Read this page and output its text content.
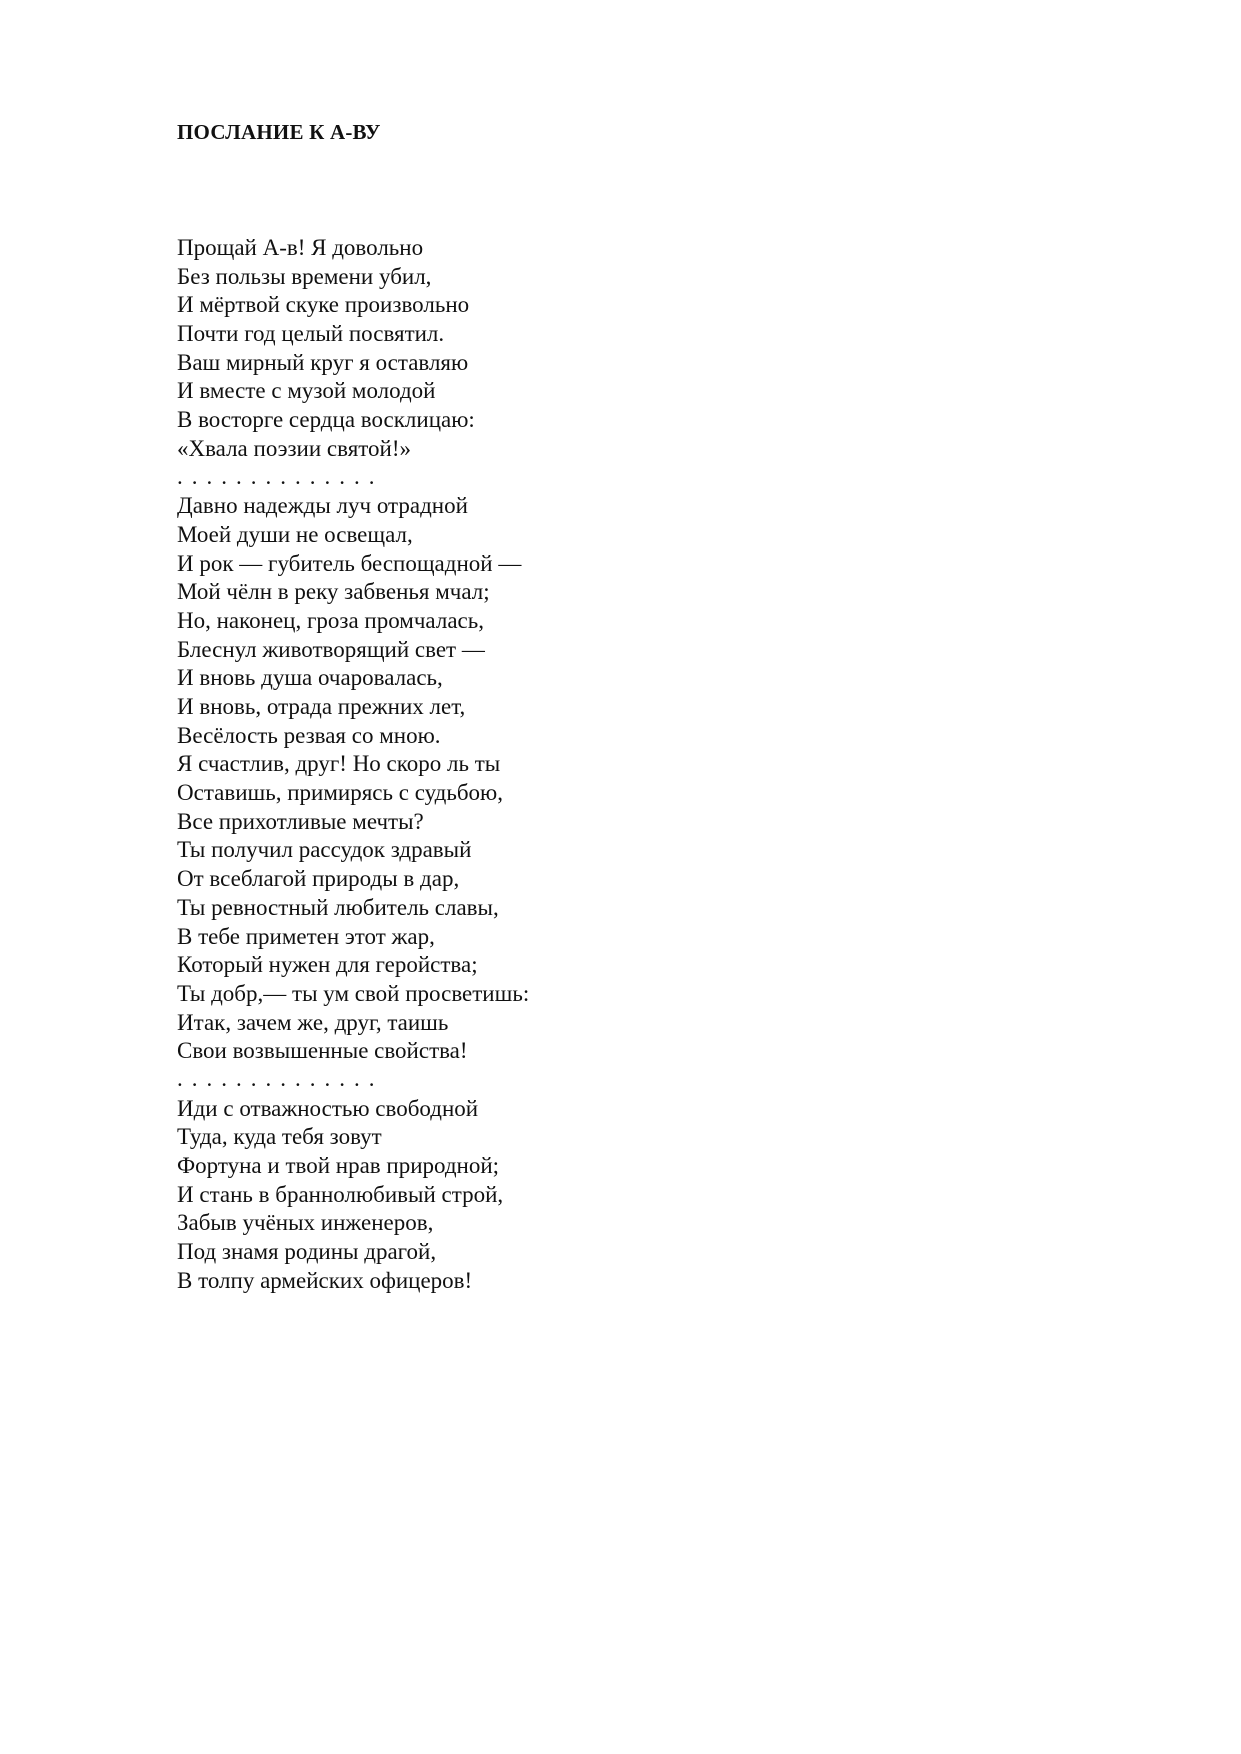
ПОСЛАНИЕ К А-ВУ
Прощай А-в! Я довольно
Без пользы времени убил,
И мёртвой скуке произвольно
Почти год целый посвятил.
Ваш мирный круг я оставляю
И вместе с музой молодой
В восторге сердца восклицаю:
«Хвала поэзии святой!»
..............
Давно надежды луч отрадной
Моей души не освещал,
И рок — губитель беспощадной —
Мой чёлн в реку забвенья мчал;
Но, наконец, гроза промчалась,
Блеснул животворящий свет —
И вновь душа очаровалась,
И вновь, отрада прежних лет,
Весёлость резвая со мною.
Я счастлив, друг! Но скоро ль ты
Оставишь, примирясь с судьбою,
Все прихотливые мечты?
Ты получил рассудок здравый
От всеблагой природы в дар,
Ты ревностный любитель славы,
В тебе приметен этот жар,
Который нужен для геройства;
Ты добр,— ты ум свой просветишь:
Итак, зачем же, друг, таишь
Свои возвышенные свойства!
..............
Иди с отважностью свободной
Туда, куда тебя зовут
Фортуна и твой нрав природной;
И стань в браннолюбивый строй,
Забыв учёных инженеров,
Под знамя родины драгой,
В толпу армейских офицеров!
